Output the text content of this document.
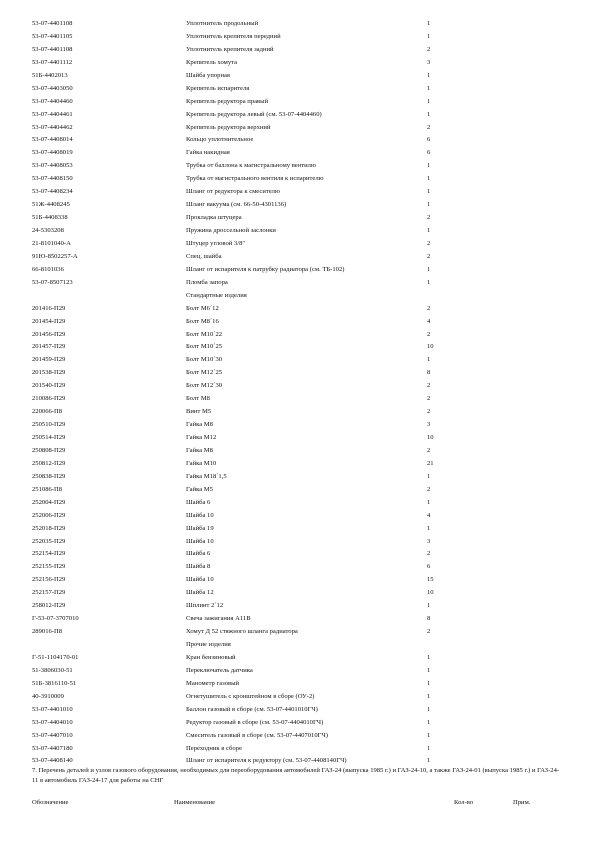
53-07-4401108	Уплотнитель продольный	1
53-07-4401105	Уплотнитель крепителя передний	1
53-07-4401108	Уплотнитель крепителя задний	2
53-07-4401112	Крепитель хомута	3
51Б-4402013	Шайба упорная	1
53-07-4403050	Крепитель испарителя	1
53-07-4404460	Крепитель редуктора правый	1
53-07-4404461	Крепитель редуктора левый (см. 53-07-4404460)	1
53-07-4404462	Крепитель редуктора верхний	2
53-07-4408014	Кольцо уплотнительное	6
53-07-4408019	Гайка накидная	6
53-07-4408053	Трубка от баллона к магистральному вентилю	1
53-07-4408150	Трубка от магистрального вентиля к испарителю	1
53-07-4408234	Шланг от редуктора к смесителю	1
51Ж-4408245	Шланг вакуума (см. 66-50-4301136)	1
51Б-4408338	Прокладка штуцера	2
24-5303208	Пружина дроссельной заслонки	1
21-8101040-А	Штуцер угловой 3/8″	2
91Ю-8502257-А	Спец. шайба	2
66-8101036	Шланг от испарителя к патрубку радиатора (см. ТБ-102)	1
53-07-8507123	Пломба запора	1
Стандартные изделия
201416-П29	Болт М6´12	2
201454-П29	Болт М8´16	4
201456-П29	Болт М10´22	2
201457-П29	Болт М10´25	10
201459-П29	Болт М10´30	1
201538-П29	Болт М12´25	8
201540-П29	Болт М12´30	2
210086-П29	Болт М8	2
220066-П8	Винт М5	2
250510-П29	Гайка М8	3
250514-П29	Гайка М12	10
250808-П29	Гайка М8	2
250812-П29	Гайка М10	21
250838-П29	Гайка М18´1,5	1
251086-П8	Гайка М5	2
252004-П29	Шайба 6	1
252006-П29	Шайба 10	4
252018-П29	Шайба 19	1
252035-П29	Шайба 10	3
252154-П29	Шайба 6	2
252155-П29	Шайба 8	6
252156-П29	Шайба 10	15
252157-П29	Шайба 12	10
258012-П29	Шплинт 2´12	1
Г-53-07-3707010	Свеча зажигания А11В	8
289016-П8	Хомут Д 52 стяжного шланга радиатора	2
Прочие изделия
Г-51-1104170-01	Кран бензиновый	1
51-3806030-51	Переключатель датчика	1
51Б-3816110-51	Манометр газовый	1
40-3910009	Огнетушитель с кронштейном в сборе (ОУ-2)	1
53-07-4401010	Баллон газовый в сборе (см. 53-07-4401010ГЧ)	1
53-07-4404010	Редуктор газовый в сборе (см. 53-07-4404010ГЧ)	1
53-07-4407010	Смеситель газовый в сборе (см. 53-07-4407010ГЧ)	1
53-07-4407180	Переходник в сборе	1
53-07-4408140	Шланг от испарителя к редуктору (см. 53-07-4408140ГЧ)	1
7. Перечень деталей и узлов газового оборудования, необходимых для переоборудования автомобилей ГАЗ-24 (выпуска 1985 г.) и ГАЗ-24-10, а также ГАЗ-24-01 (выпуска 1985 г.) и ГАЗ-24-11 в автомобиль ГАЗ-24-17 для работы на СНГ
Обозначение	Наименование	Кол-во	Прим.
